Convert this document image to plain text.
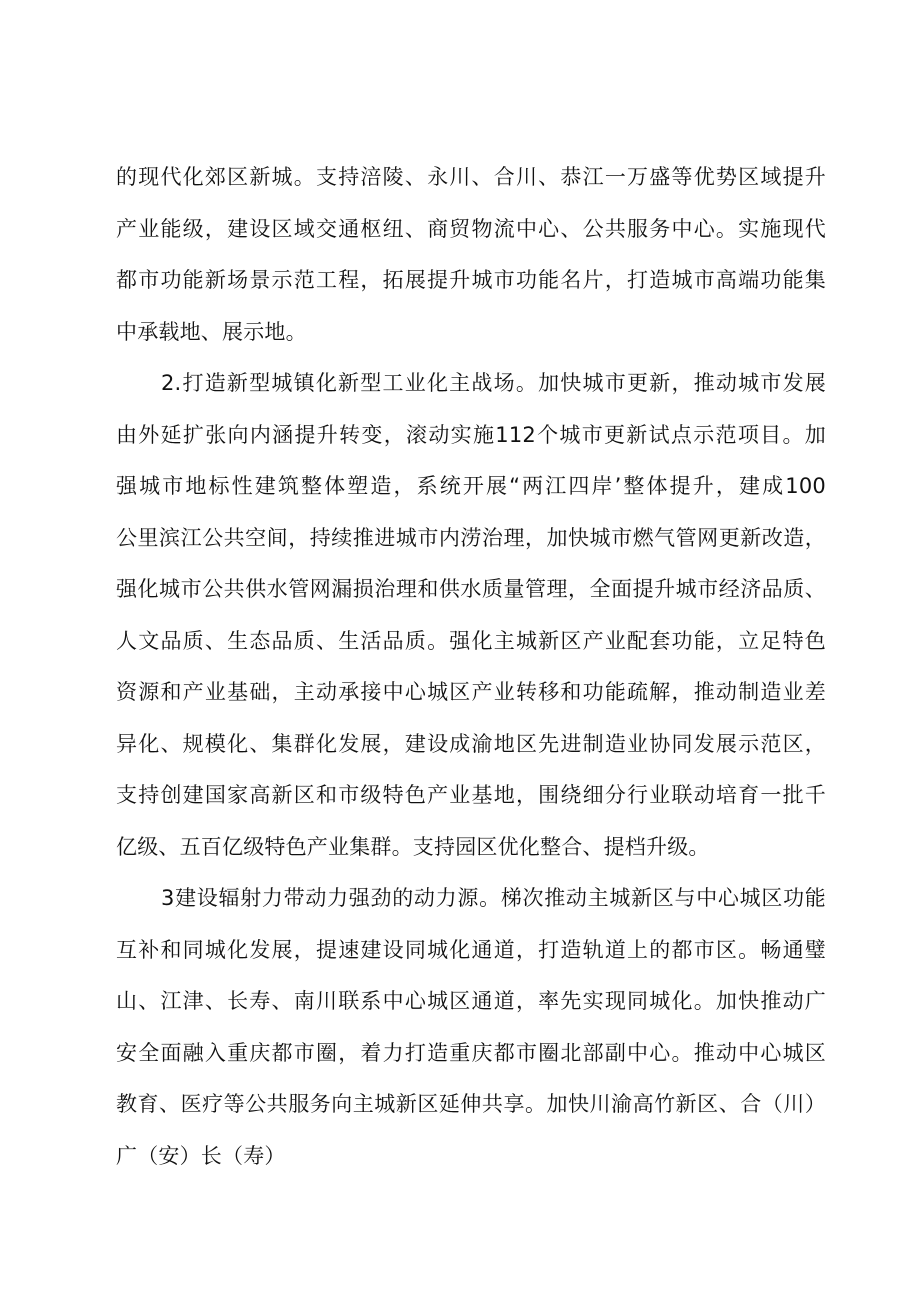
的现代化郊区新城。支持涪陵、永川、合川、恭江一万盛等优势区域提升
产业能级，建设区域交通枢纽、商贸物流中心、公共服务中心。实施现代
都市功能新场景示范工程，拓展提升城市功能名片，打造城市高端功能集
中承载地、展示地。
2.打造新型城镇化新型工业化主战场。加快城市更新，推动城市发展
由外延扩张向内涵提升转变，滚动实施112个城市更新试点示范项目。加
强城市地标性建筑整体塑造，系统开展“两江四岸’整体提升，建成100
公里滨江公共空间，持续推进城市内涝治理，加快城市燃气管网更新改造，
强化城市公共供水管网漏损治理和供水质量管理，全面提升城市经济品质、
人文品质、生态品质、生活品质。强化主城新区产业配套功能，立足特色
资源和产业基础，主动承接中心城区产业转移和功能疏解，推动制造业差
异化、规模化、集群化发展，建设成渝地区先进制造业协同发展示范区，
支持创建国家高新区和市级特色产业基地，围绕细分行业联动培育一批千
亿级、五百亿级特色产业集群。支持园区优化整合、提档升级。
3建设辐射力带动力强劲的动力源。梯次推动主城新区与中心城区功能
互补和同城化发展，提速建设同城化通道，打造轨道上的都市区。畅通璧
山、江津、长寿、南川联系中心城区通道，率先实现同城化。加快推动广
安全面融入重庆都市圈，着力打造重庆都市圈北部副中心。推动中心城区
教育、医疗等公共服务向主城新区延伸共享。加快川渝高竹新区、合（川）
广（安）长（寿）
